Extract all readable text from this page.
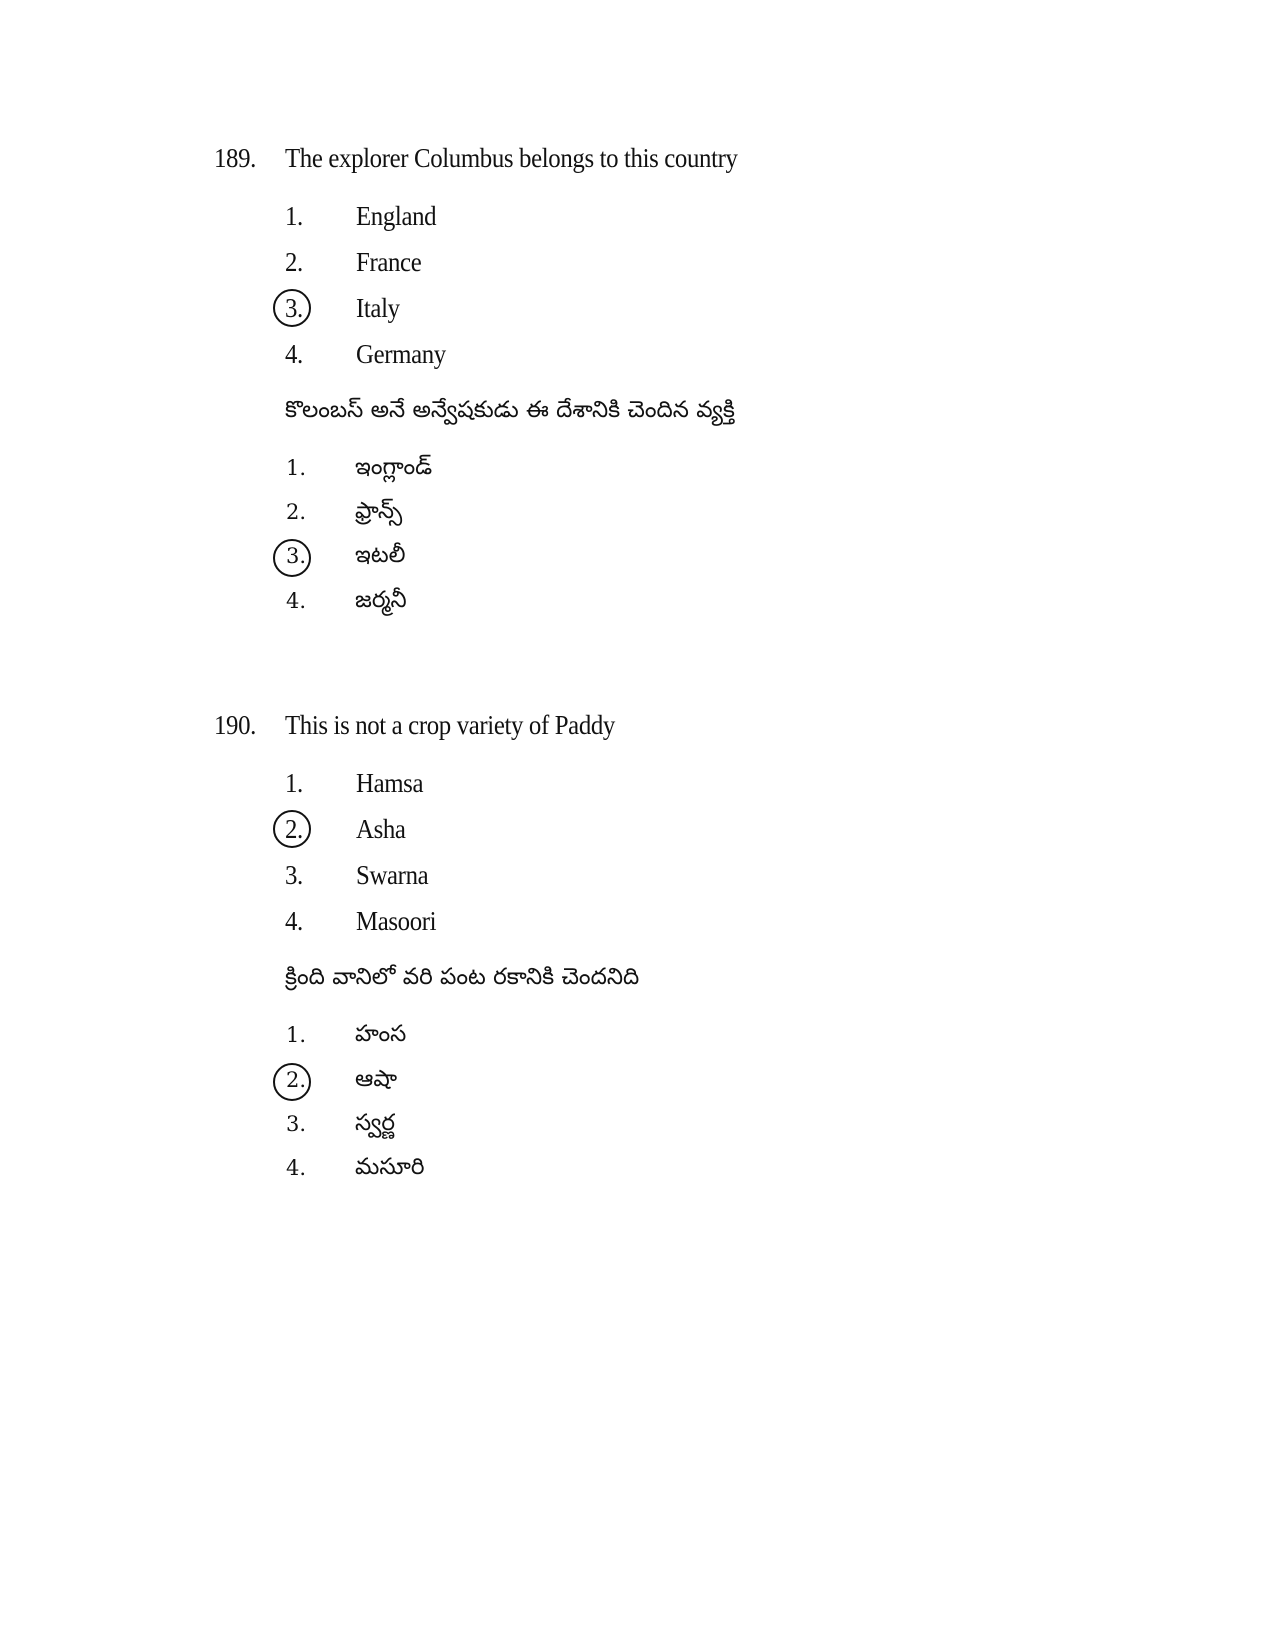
189. The explorer Columbus belongs to this country
1. England
2. France
3. Italy
4. Germany
కొలంబస్ అనే అన్వేషకుడు ఈ దేశానికి చెందిన వ్యక్తి
1. ఇంగ్లాండ్
2. ఫ్రాన్స్
3. ఇటలీ
4. జర్మనీ
190. This is not a crop variety of Paddy
1. Hamsa
2. Asha
3. Swarna
4. Masoori
క్రింది వానిలో వరి పంట రకానికి చెందనిది
1. హంస
2. ఆషా
3. స్వర్ణ
4. మసూరి
